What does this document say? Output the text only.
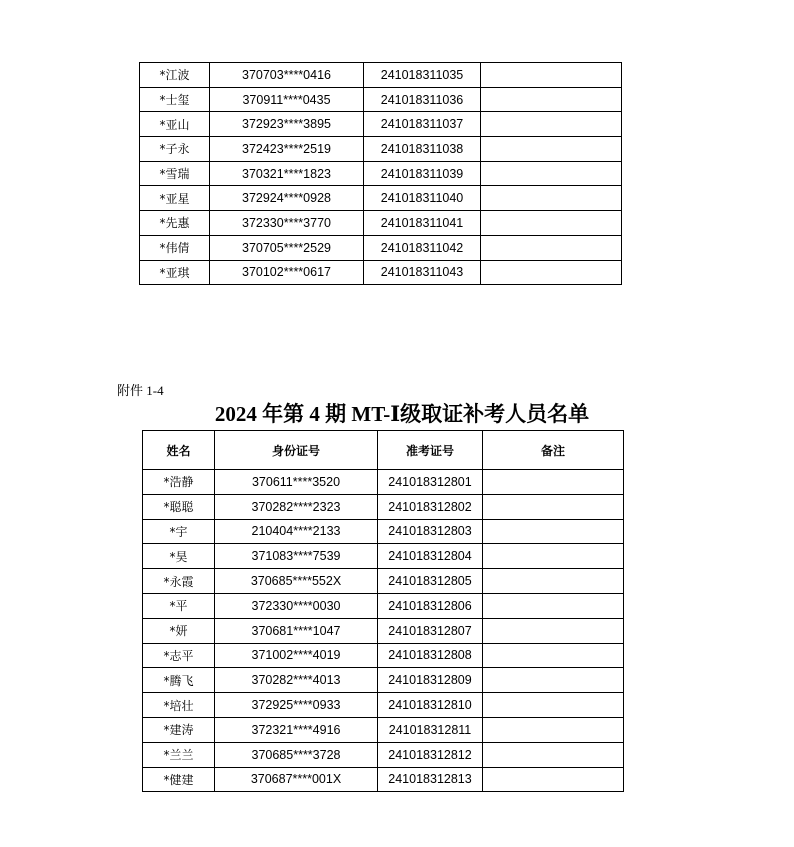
*江波	370703****0416	241018311035	
*士玺	370911****0435	241018311036	
*亚山	372923****3895	241018311037	
*子永	372423****2519	241018311038	
*雪瑞	370321****1823	241018311039	
*亚星	372924****0928	241018311040	
*先惠	372330****3770	241018311041	
*伟倩	370705****2529	241018311042	
*亚琪	370102****0617	241018311043	
附件 1-4
2024 年第 4 期 MT-Ⅰ级取证补考人员名单
姓名	身份证号	准考证号	备注
*浩静	370611****3520	241018312801	
*聪聪	370282****2323	241018312802	
*宇	210404****2133	241018312803	
*昊	371083****7539	241018312804	
*永霞	370685****552X	241018312805	
*平	372330****0030	241018312806	
*妍	370681****1047	241018312807	
*志平	371002****4019	241018312808	
*腾飞	370282****4013	241018312809	
*培壮	372925****0933	241018312810	
*建涛	372321****4916	241018312811	
*兰兰	370685****3728	241018312812	
*健建	370687****001X	241018312813	
